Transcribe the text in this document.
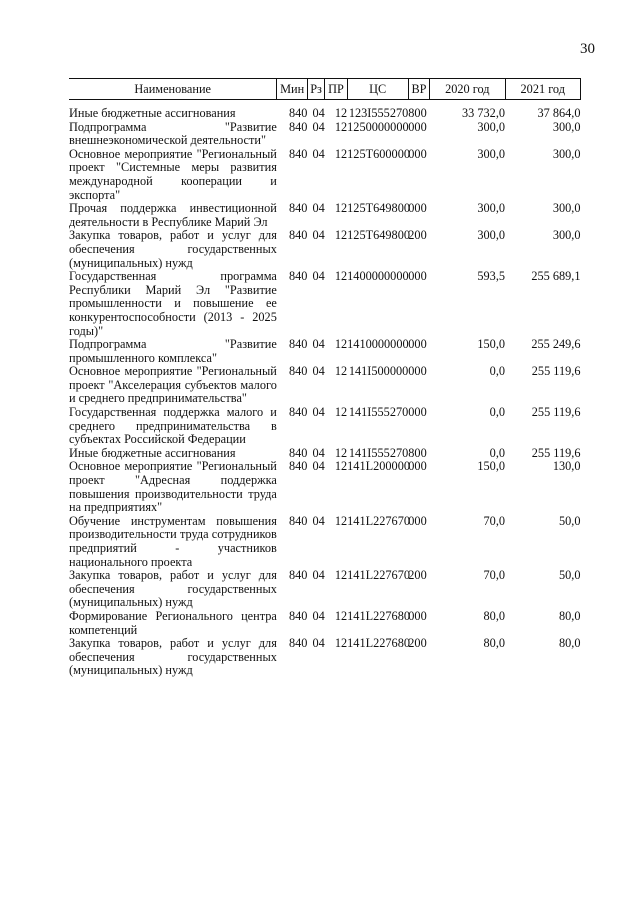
30
Наименование	Мин	Рз	ПР	ЦС	ВР	2020 год	2021 год

Иные бюджетные ассигнования	840	04	12	123I555270	800	33 732,0	37 864,0
Подпрограмма "Развитие внешнеэкономической деятельности"	840	04	12	1250000000	000	300,0	300,0
Основное мероприятие "Региональный проект "Системные меры развития международной кооперации и экспорта"	840	04	12	125T600000	000	300,0	300,0
Прочая поддержка инвестиционной деятельности в Республике Марий Эл	840	04	12	125T649800	000	300,0	300,0
Закупка товаров, работ и услуг для обеспечения государственных (муниципальных) нужд	840	04	12	125T649800	200	300,0	300,0
Государственная программа Республики Марий Эл "Развитие промышленности и повышение ее конкурентоспособности (2013 - 2025 годы)"	840	04	12	1400000000	000	593,5	255 689,1
Подпрограмма "Развитие промышленного комплекса"	840	04	12	1410000000	000	150,0	255 249,6
Основное мероприятие "Региональный проект "Акселерация субъектов малого и среднего предпринимательства"	840	04	12	141I500000	000	0,0	255 119,6
Государственная поддержка малого и среднего предпринимательства в субъектах Российской Федерации	840	04	12	141I555270	000	0,0	255 119,6
Иные бюджетные ассигнования	840	04	12	141I555270	800	0,0	255 119,6
Основное мероприятие "Региональный проект "Адресная поддержка повышения производительности труда на предприятиях"	840	04	12	141L200000	000	150,0	130,0
Обучение инструментам повышения производительности труда сотрудников предприятий - участников национального проекта	840	04	12	141L227670	000	70,0	50,0
Закупка товаров, работ и услуг для обеспечения государственных (муниципальных) нужд	840	04	12	141L227670	200	70,0	50,0
Формирование Регионального центра компетенций	840	04	12	141L227680	000	80,0	80,0
Закупка товаров, работ и услуг для обеспечения государственных (муниципальных) нужд	840	04	12	141L227680	200	80,0	80,0
